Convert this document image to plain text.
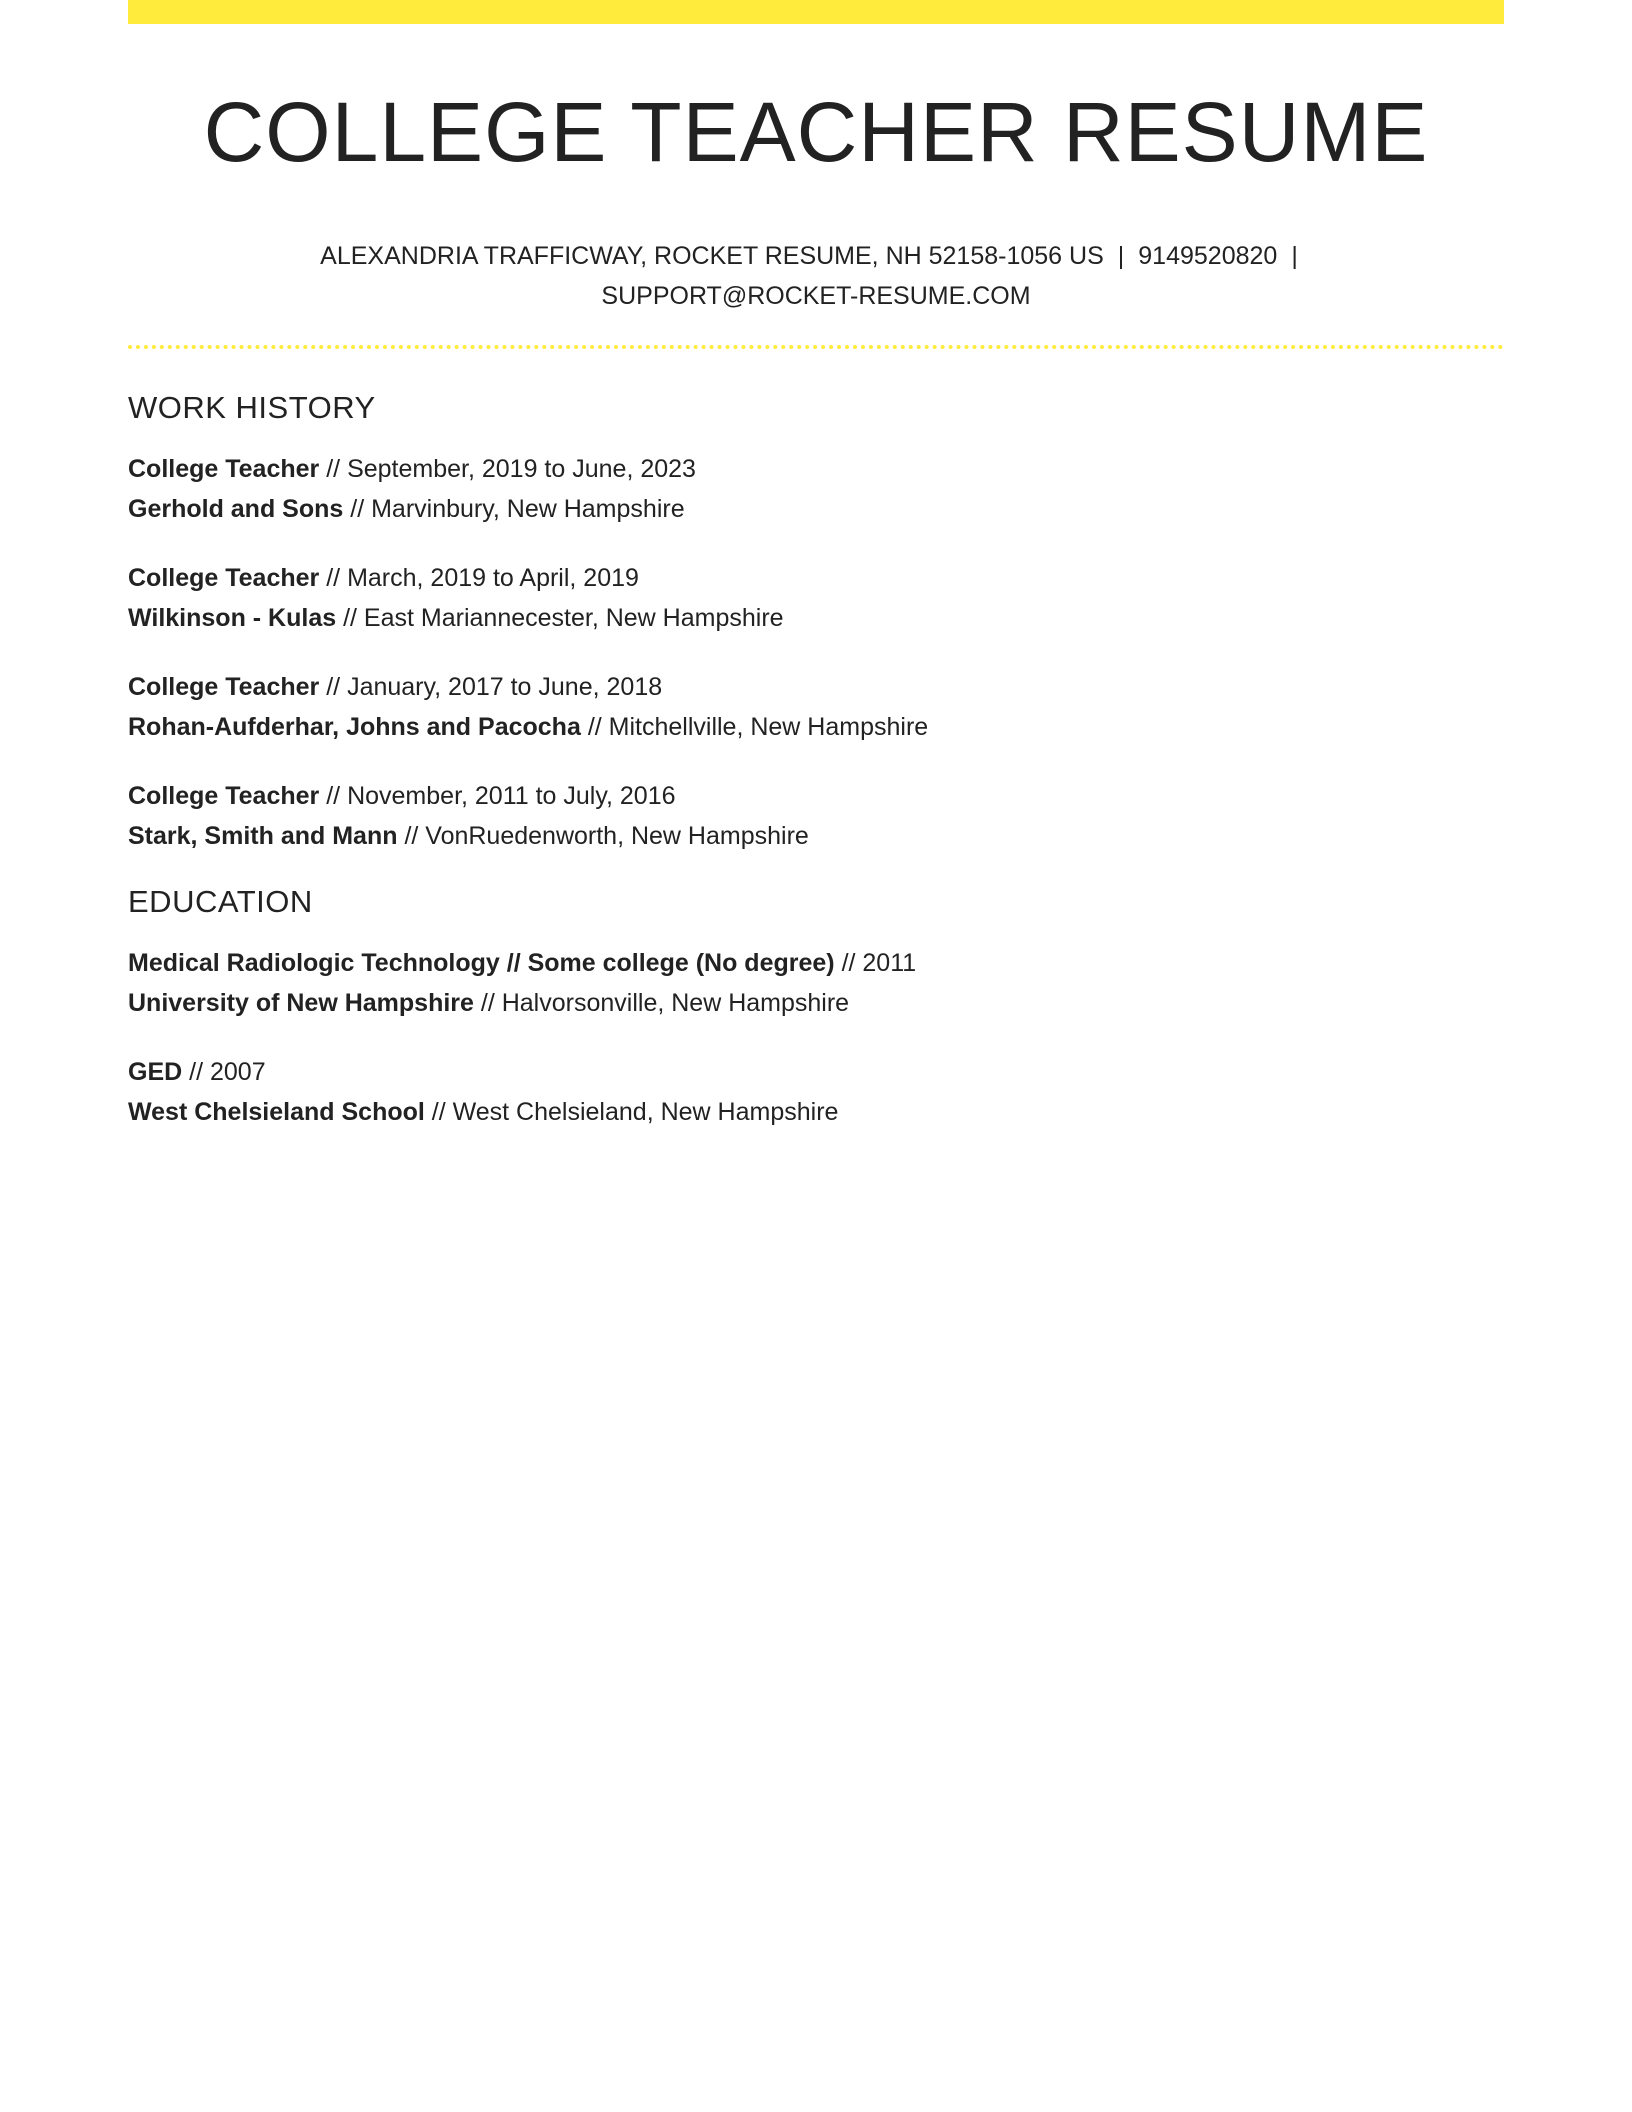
COLLEGE TEACHER RESUME
ALEXANDRIA TRAFFICWAY, ROCKET RESUME, NH 52158-1056 US | 9149520820 |
SUPPORT@ROCKET-RESUME.COM
WORK HISTORY
College Teacher // September, 2019 to June, 2023
Gerhold and Sons // Marvinbury, New Hampshire
College Teacher // March, 2019 to April, 2019
Wilkinson - Kulas // East Mariannecester, New Hampshire
College Teacher // January, 2017 to June, 2018
Rohan-Aufderhar, Johns and Pacocha // Mitchellville, New Hampshire
College Teacher // November, 2011 to July, 2016
Stark, Smith and Mann // VonRuedenworth, New Hampshire
EDUCATION
Medical Radiologic Technology // Some college (No degree) // 2011
University of New Hampshire // Halvorsonville, New Hampshire
GED // 2007
West Chelsieland School // West Chelsieland, New Hampshire
